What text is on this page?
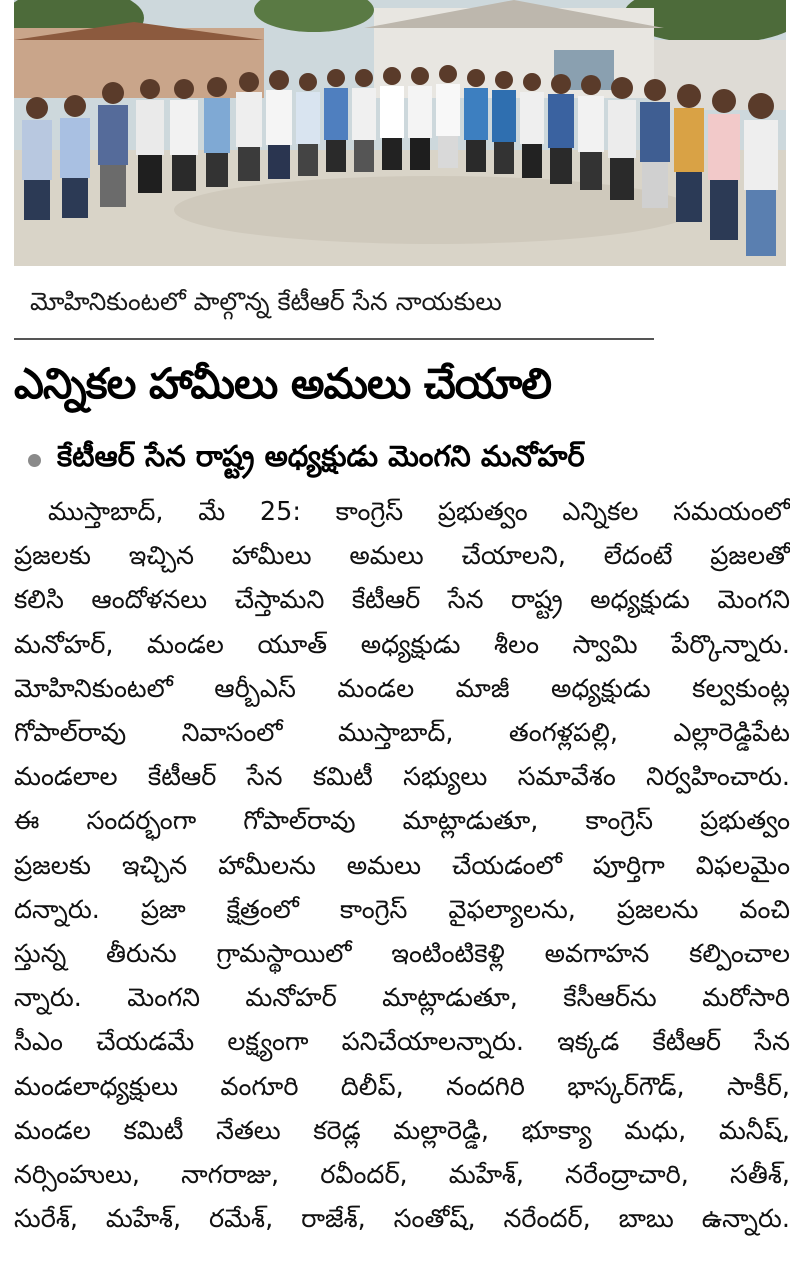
మోహినికుంటలో పాల్గొన్న కేటీఆర్ సేన నాయకులు
ఎన్నికల హామీలు అమలు చేయాలి
కేటీఆర్ సేన రాష్ట్ర అధ్యక్షుడు మెంగని మనోహర్
ముస్తాబాద్, మే 25: కాంగ్రెస్ ప్రభుత్వం ఎన్నికల సమయంలో
ప్రజలకు ఇచ్చిన హామీలు అమలు చేయాలని, లేదంటే ప్రజలతో
కలిసి ఆందోళనలు చేస్తామని కేటీఆర్ సేన రాష్ట్ర అధ్యక్షుడు మెంగని
మనోహర్, మండల యూత్ అధ్యక్షుడు శీలం స్వామి పేర్కొన్నారు.
మోహినికుంటలో ఆర్బీఎస్ మండల మాజీ అధ్యక్షుడు కల్వకుంట్ల
గోపాల్‌రావు నివాసంలో ముస్తాబాద్, తంగళ్లపల్లి, ఎల్లారెడ్డిపేట
మండలాల కేటీఆర్ సేన కమిటీ సభ్యులు సమావేశం నిర్వహించారు.
ఈ సందర్భంగా గోపాల్‌రావు మాట్లాడుతూ, కాంగ్రెస్ ప్రభుత్వం
ప్రజలకు ఇచ్చిన హామీలను అమలు చేయడంలో పూర్తిగా విఫలమైం
దన్నారు. ప్రజా క్షేత్రంలో కాంగ్రెస్ వైఫల్యాలను, ప్రజలను వంచి
స్తున్న తీరును గ్రామస్థాయిలో ఇంటింటికెళ్లి అవగాహన కల్పించాల
న్నారు. మెంగని మనోహర్ మాట్లాడుతూ, కేసీఆర్‌ను మరోసారి
సీఎం చేయడమే లక్ష్యంగా పనిచేయాలన్నారు. ఇక్కడ కేటీఆర్ సేన
మండలాధ్యక్షులు వంగూరి దిలీప్, నందగిరి భాస్కర్‌గౌడ్, సాకీర్,
మండల కమిటీ నేతలు కరెడ్ల మల్లారెడ్డి, భూక్యా మధు, మనీష్,
నర్సింహులు, నాగరాజు, రవీందర్, మహేశ్, నరేంద్రాచారి, సతీశ్,
సురేశ్, మహేశ్, రమేశ్, రాజేశ్, సంతోష్, నరేందర్, బాబు ఉన్నారు.
